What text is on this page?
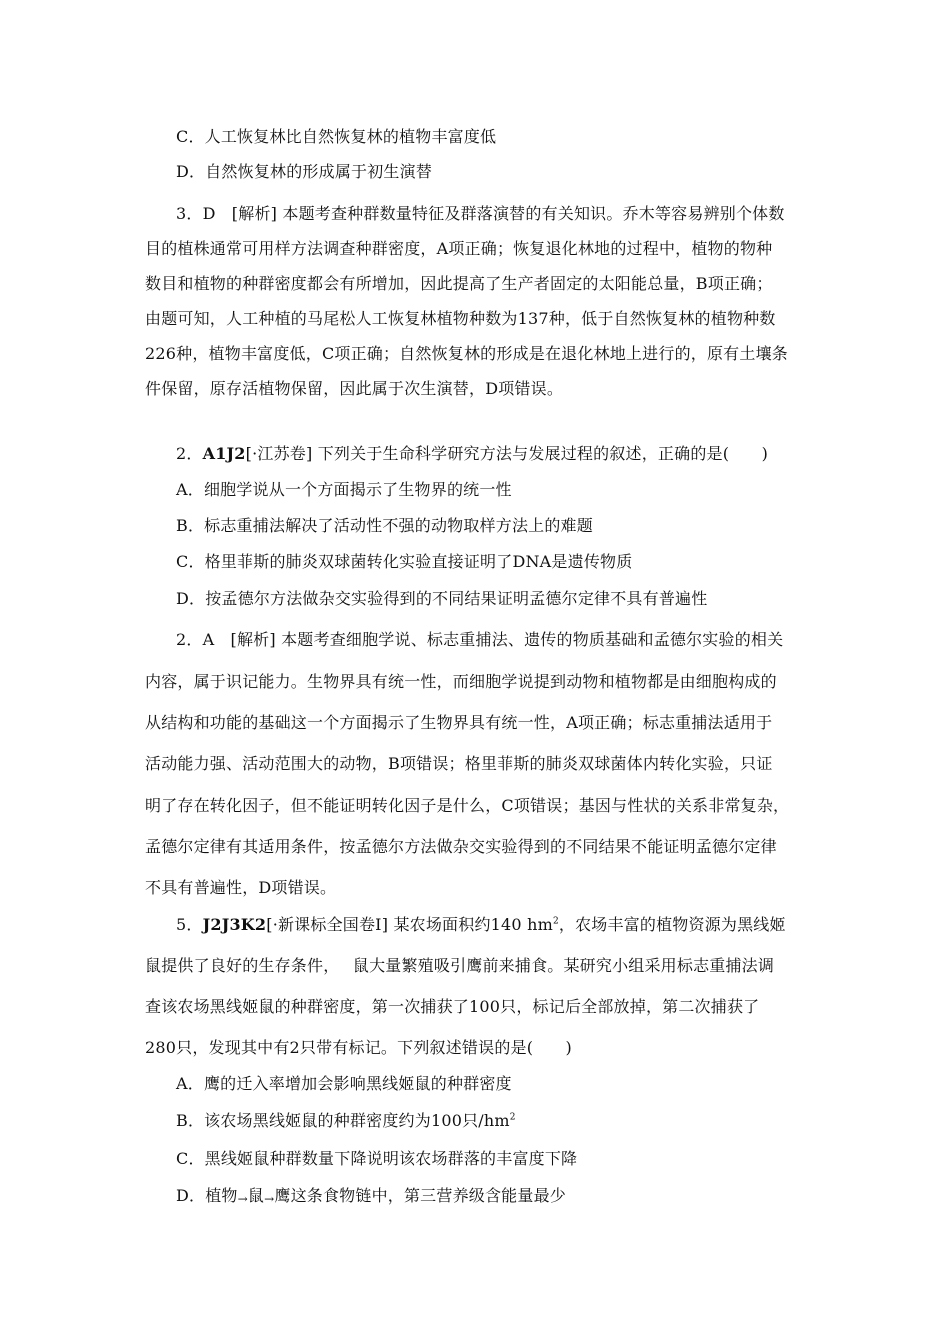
C．人工恢复林比自然恢复林的植物丰富度低
D．自然恢复林的形成属于初生演替
3．D　[解析] 本题考查种群数量特征及群落演替的有关知识。乔木等容易辨别个体数
目的植株通常可用样方法调查种群密度，A项正确；恢复退化林地的过程中，植物的物种
数目和植物的种群密度都会有所增加，因此提高了生产者固定的太阳能总量，B项正确；
由题可知，人工种植的马尾松人工恢复林植物种数为137种，低于自然恢复林的植物种数
226种，植物丰富度低，C项正确；自然恢复林的形成是在退化林地上进行的，原有土壤条
件保留，原存活植物保留，因此属于次生演替，D项错误。
2．A1J2[·江苏卷] 下列关于生命科学研究方法与发展过程的叙述，正确的是(　　)
A．细胞学说从一个方面揭示了生物界的统一性
B．标志重捕法解决了活动性不强的动物取样方法上的难题
C．格里菲斯的肺炎双球菌转化实验直接证明了DNA是遗传物质
D．按孟德尔方法做杂交实验得到的不同结果证明孟德尔定律不具有普遍性
2．A　[解析] 本题考查细胞学说、标志重捕法、遗传的物质基础和孟德尔实验的相关
内容，属于识记能力。生物界具有统一性，而细胞学说提到动物和植物都是由细胞构成的
从结构和功能的基础这一个方面揭示了生物界具有统一性，A项正确；标志重捕法适用于
活动能力强、活动范围大的动物，B项错误；格里菲斯的肺炎双球菌体内转化实验，只证
明了存在转化因子，但不能证明转化因子是什么，C项错误；基因与性状的关系非常复杂，
孟德尔定律有其适用条件，按孟德尔方法做杂交实验得到的不同结果不能证明孟德尔定律
不具有普遍性，D项错误。
5．J2J3K2[·新课标全国卷Ⅰ] 某农场面积约140 $hm^2$，农场丰富的植物资源为黑线姬
鼠提供了良好的生存条件，　 鼠大量繁殖吸引鹰前来捕食。某研究小组采用标志重捕法调
查该农场黑线姬鼠的种群密度，第一次捕获了100只，标记后全部放掉，第二次捕获了
280只，发现其中有2只带有标记。下列叙述错误的是(　　)
A．鹰的迁入率增加会影响黑线姬鼠的种群密度
B．该农场黑线姬鼠的种群密度约为100只$/hm^2$
C．黑线姬鼠种群数量下降说明该农场群落的丰富度下降
D．植物→鼠→鹰这条食物链中，第三营养级含能量最少
